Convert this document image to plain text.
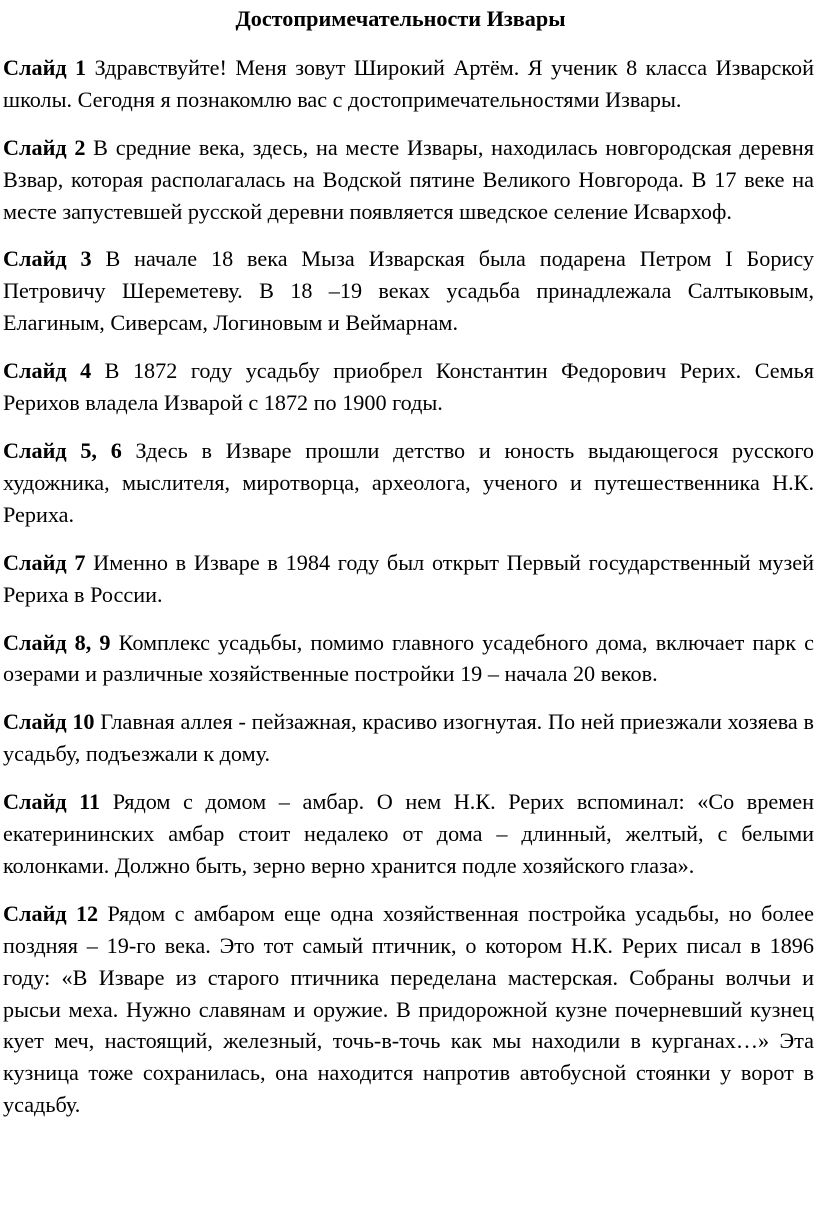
Достопримечательности Извары

Слайд 1 Здравствуйте! Меня зовут Широкий Артём. Я ученик 8 класса Изварской школы. Сегодня я познакомлю вас с достопримечательностями Извары.

Слайд 2 В средние века, здесь, на месте Извары, находилась новгородская деревня Взвар, которая располагалась на Водской пятине Великого Новгорода. В 17 веке на месте запустевшей русской деревни появляется шведское селение Исвархоф.

Слайд 3 В начале 18 века Мыза Изварская была подарена Петром I Борису Петровичу Шереметеву. В 18 –19 веках усадьба принадлежала Салтыковым, Елагиным, Сиверсам, Логиновым и Веймарнам.

Слайд 4 В 1872 году усадьбу приобрел Константин Федорович Рерих. Семья Рерихов владела Изварой с 1872 по 1900 годы.

Слайд 5, 6 Здесь в Изваре прошли детство и юность выдающегося русского художника, мыслителя, миротворца, археолога, ученого и путешественника Н.К. Рериха.

Слайд 7 Именно в Изваре в 1984 году был открыт Первый государственный музей Рериха в России.

Слайд 8, 9 Комплекс усадьбы, помимо главного усадебного дома, включает парк с озерами и различные хозяйственные постройки 19 – начала 20 веков.

Слайд 10 Главная аллея - пейзажная, красиво изогнутая. По ней приезжали хозяева в усадьбу, подъезжали к дому.

Слайд 11 Рядом с домом – амбар. О нем Н.К. Рерих вспоминал: «Со времен екатерининских амбар стоит недалеко от дома – длинный, желтый, с белыми колонками. Должно быть, зерно верно хранится подле хозяйского глаза».

Слайд 12 Рядом с амбаром еще одна хозяйственная постройка усадьбы, но более поздняя – 19-го века. Это тот самый птичник, о котором Н.К. Рерих писал в 1896 году: «В Изваре из старого птичника переделана мастерская. Собраны волчьи и рысьи меха. Нужно славянам и оружие. В придорожной кузне почерневший кузнец кует меч, настоящий, железный, точь-в-точь как мы находили в курганах…» Эта кузница тоже сохранилась, она находится напротив автобусной стоянки у ворот в усадьбу.
